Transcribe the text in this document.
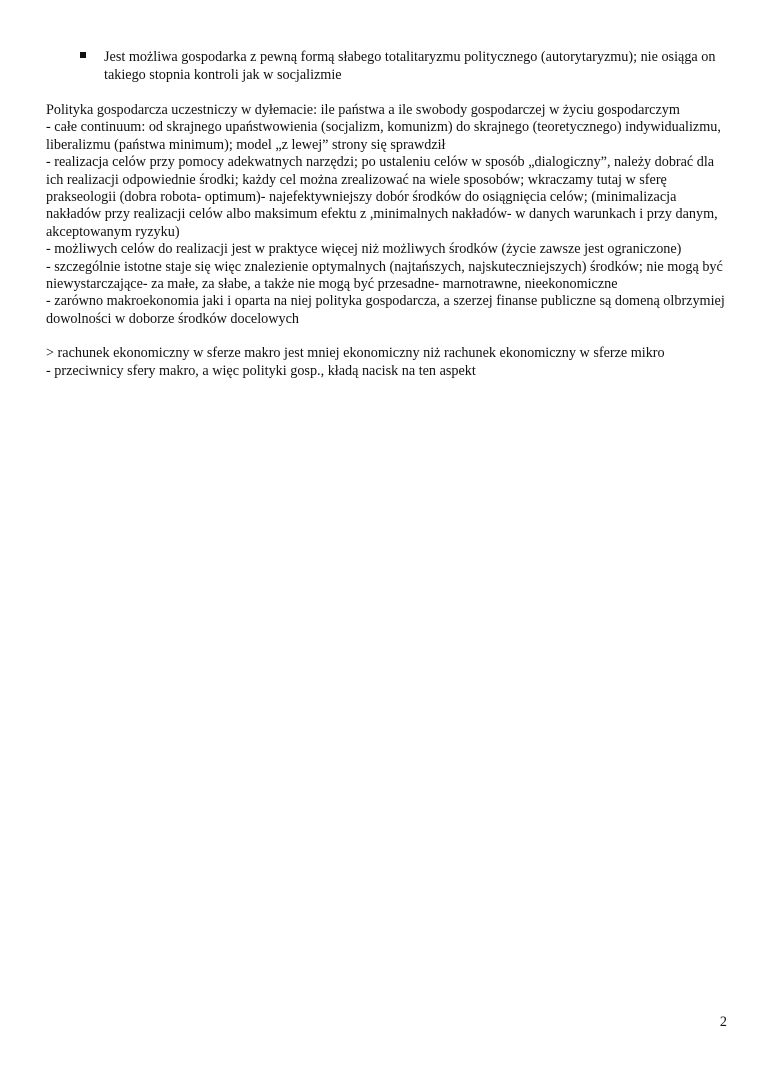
Jest możliwa gospodarka z pewną formą słabego totalitaryzmu politycznego (autorytaryzmu); nie osiąga on takiego stopnia kontroli jak w socjalizmie

Polityka gospodarcza uczestniczy w dyłemacie: ile państwa a ile swobody gospodarczej w życiu gospodarczym

- całe continuum: od skrajnego upaństwowienia (socjalizm, komunizm) do skrajnego (teoretycznego) indywidualizmu, liberalizmu (państwa minimum); model „z lewej” strony się sprawdził

- realizacja celów przy pomocy adekwatnych narzędzi; po ustaleniu celów w sposób „dialogiczny”, należy dobrać dla ich realizacji odpowiednie środki; każdy cel można zrealizować na wiele sposobów; wkraczamy tutaj w sferę prakseologii (dobra robota- optimum)- najefektywniejszy dobór środków do osiągnięcia celów; (minimalizacja nakładów przy realizacji celów albo maksimum efektu z ,minimalnych nakładów- w danych warunkach i przy danym, akceptowanym ryzyku)

- możliwych celów do realizacji jest w praktyce więcej niż możliwych środków (życie zawsze jest ograniczone)

- szczególnie istotne staje się więc znalezienie optymalnych (najtańszych, najskuteczniejszych) środków; nie mogą być niewystarczające- za małe, za słabe, a także nie mogą być przesadne- marnotrawne, nieekonomiczne

- zarówno makroekonomia jaki i oparta na niej polityka gospodarcza, a szerzej finanse publiczne są domeną olbrzymiej dowolności w doborze środków docelowych

> rachunek ekonomiczny w sferze makro jest mniej ekonomiczny niż rachunek ekonomiczny w sferze mikro

- przeciwnicy sfery makro, a więc polityki gosp., kładą nacisk na ten aspekt

2
